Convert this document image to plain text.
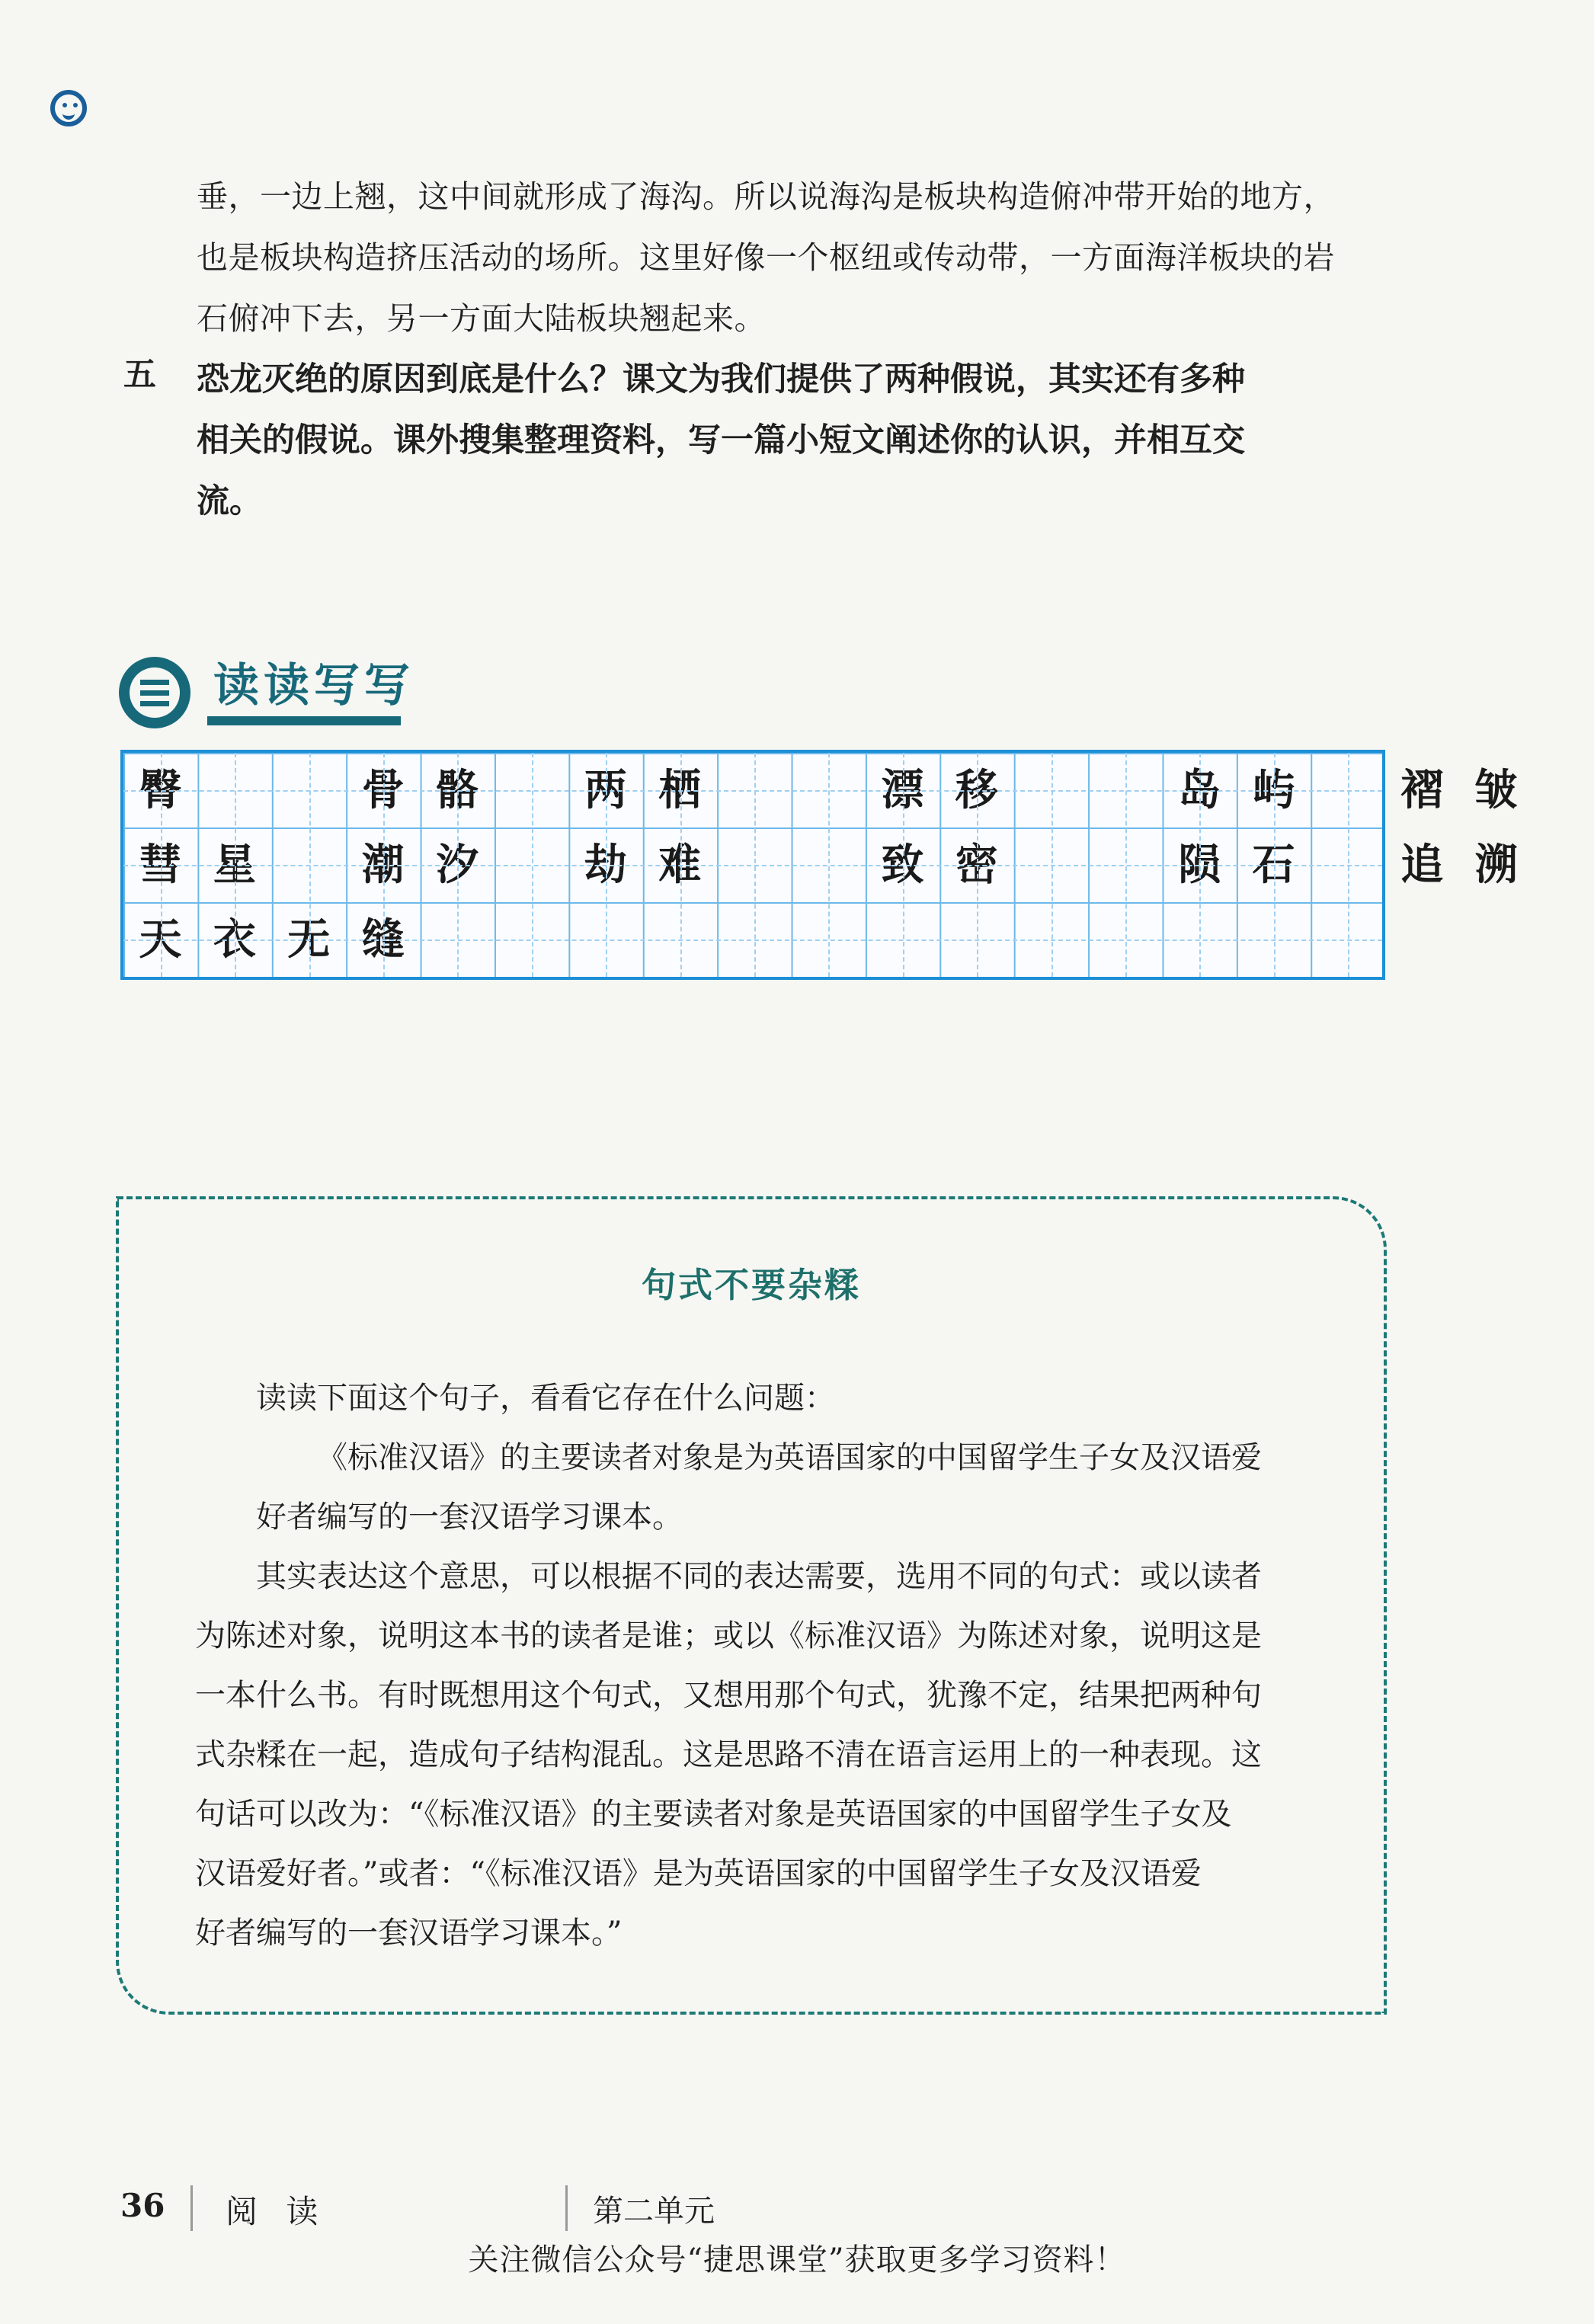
垂，一边上翘，这中间就形成了海沟。所以说海沟是板块构造俯冲带开始的地方，

也是板块构造挤压活动的场所。这里好像一个枢纽或传动带，一方面海洋板块的岩

石俯冲下去，另一方面大陆板块翘起来。

五 恐龙灭绝的原因到底是什么？课文为我们提供了两种假说，其实还有多种

相关的假说。课外搜集整理资料，写一篇小短文阐述你的认识，并相互交

流。

读读写写
臀	骨 骼	两 栖	漂 移	岛 屿	褶 皱
彗 星	潮 汐	劫 难	致 密	陨 石	追 溯
天 衣 无 缝
句式不要杂糅

读读下面这个句子，看看它存在什么问题：

《标准汉语》的主要读者对象是为英语国家的中国留学生子女及汉语爱

好者编写的一套汉语学习课本。

其实表达这个意思，可以根据不同的表达需要，选用不同的句式：或以读者

为陈述对象，说明这本书的读者是谁；或以《标准汉语》为陈述对象，说明这是

一本什么书。有时既想用这个句式，又想用那个句式，犹豫不定，结果把两种句

式杂糅在一起，造成句子结构混乱。这是思路不清在语言运用上的一种表现。这

句话可以改为：“《标准汉语》的主要读者对象是英语国家的中国留学生子女及

汉语爱好者。”或者：“《标准汉语》是为英语国家的中国留学生子女及汉语爱

好者编写的一套汉语学习课本。”

36 阅 读	第二单元
关注微信公众号“捷思课堂”获取更多学习资料！
